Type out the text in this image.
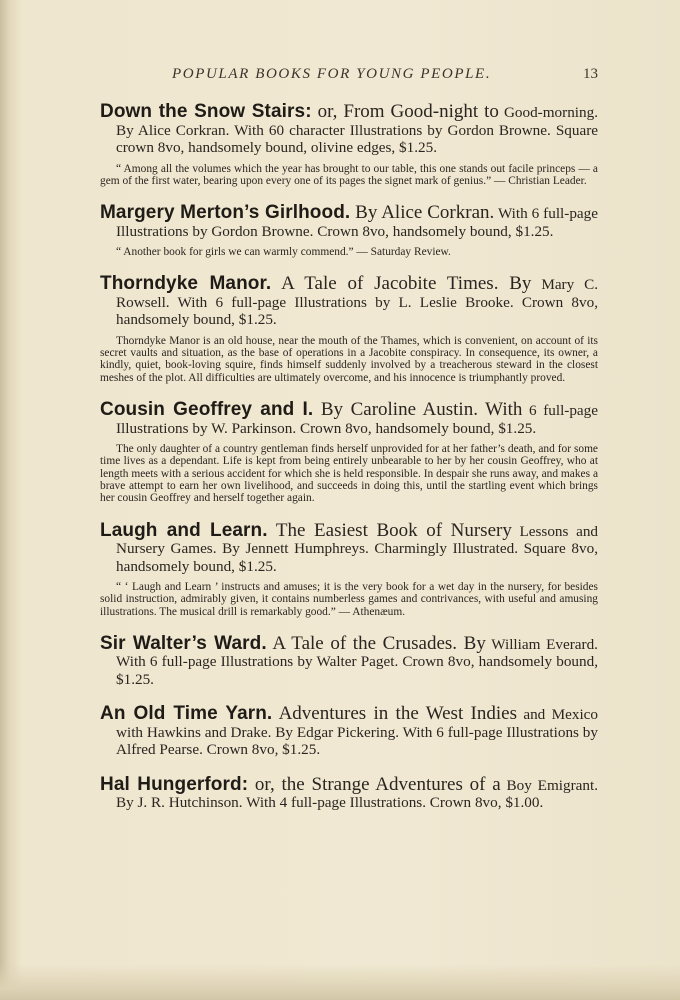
POPULAR BOOKS FOR YOUNG PEOPLE.	13

Down the Snow Stairs: or, From Good-night to Good-morning. By Alice Corkran. With 60 character Illustrations by Gordon Browne. Square crown 8vo, handsomely bound, olivine edges, $1.25.

“ Among all the volumes which the year has brought to our table, this one stands out facile princeps — a gem of the first water, bearing upon every one of its pages the signet mark of genius.” — Christian Leader.

Margery Merton’s Girlhood. By Alice Corkran. With 6 full-page Illustrations by Gordon Browne. Crown 8vo, handsomely bound, $1.25.

“ Another book for girls we can warmly commend.” — Saturday Review.

Thorndyke Manor. A Tale of Jacobite Times. By Mary C. Rowsell. With 6 full-page Illustrations by L. Leslie Brooke. Crown 8vo, handsomely bound, $1.25.

Thorndyke Manor is an old house, near the mouth of the Thames, which is convenient, on account of its secret vaults and situation, as the base of operations in a Jacobite conspiracy. In consequence, its owner, a kindly, quiet, book-loving squire, finds himself suddenly involved by a treacherous steward in the closest meshes of the plot. All difficulties are ultimately overcome, and his innocence is triumphantly proved.

Cousin Geoffrey and I. By Caroline Austin. With 6 full-page Illustrations by W. Parkinson. Crown 8vo, handsomely bound, $1.25.

The only daughter of a country gentleman finds herself unprovided for at her father’s death, and for some time lives as a dependant. Life is kept from being entirely unbearable to her by her cousin Geoffrey, who at length meets with a serious accident for which she is held responsible. In despair she runs away, and makes a brave attempt to earn her own livelihood, and succeeds in doing this, until the startling event which brings her cousin Geoffrey and herself together again.

Laugh and Learn. The Easiest Book of Nursery Lessons and Nursery Games. By Jennett Humphreys. Charmingly Illustrated. Square 8vo, handsomely bound, $1.25.

“ ‘ Laugh and Learn ’ instructs and amuses; it is the very book for a wet day in the nursery, for besides solid instruction, admirably given, it contains numberless games and contrivances, with useful and amusing illustrations. The musical drill is remarkably good.” — Athenæum.

Sir Walter’s Ward. A Tale of the Crusades. By William Everard. With 6 full-page Illustrations by Walter Paget. Crown 8vo, handsomely bound, $1.25.

An Old Time Yarn. Adventures in the West Indies and Mexico with Hawkins and Drake. By Edgar Pickering. With 6 full-page Illustrations by Alfred Pearse. Crown 8vo, $1.25.

Hal Hungerford: or, the Strange Adventures of a Boy Emigrant. By J. R. Hutchinson. With 4 full-page Illustrations. Crown 8vo, $1.00.
